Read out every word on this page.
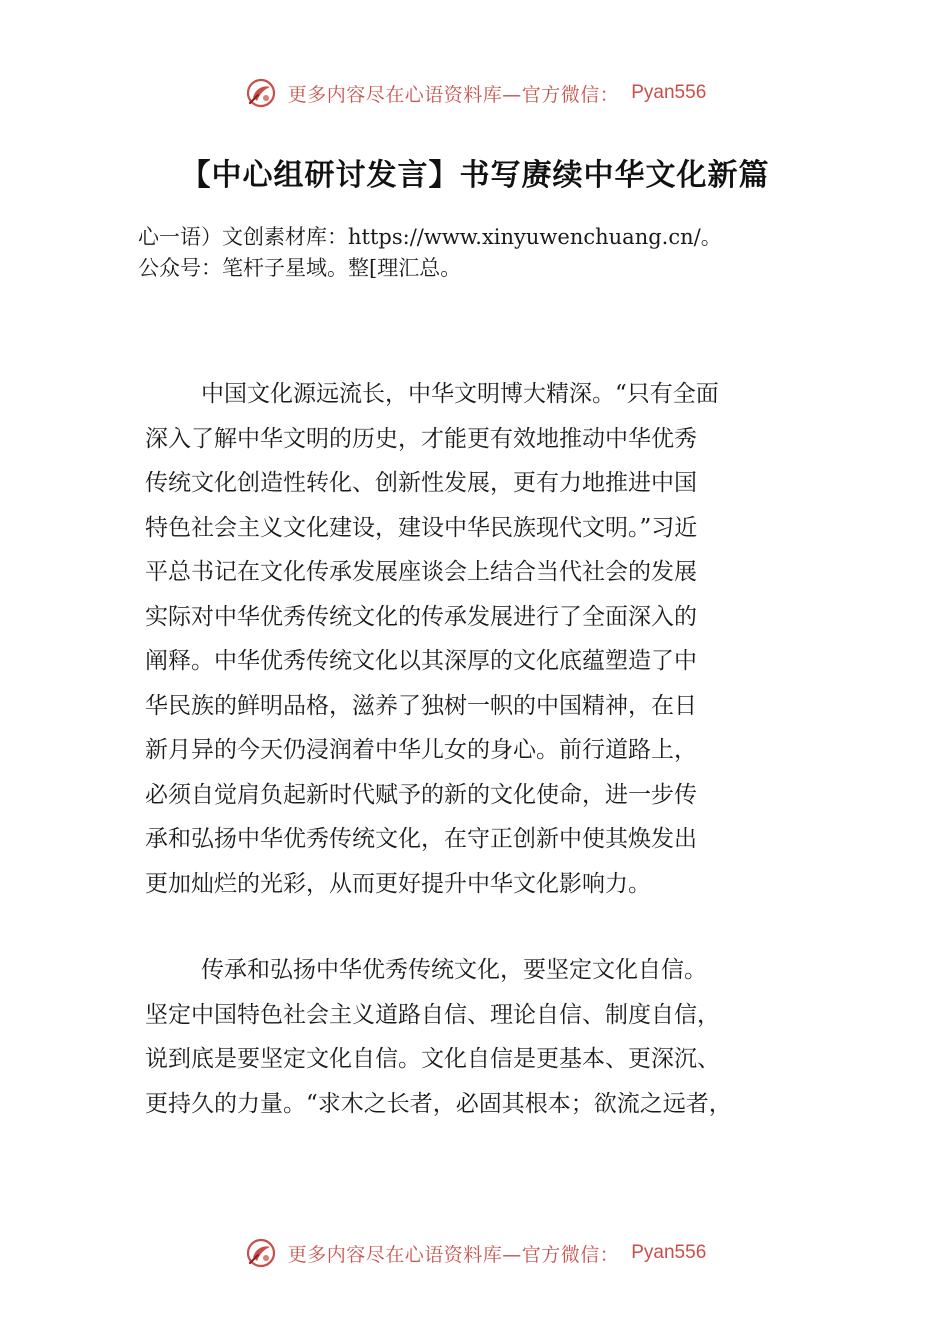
更多内容尽在心语资料库—官方微信： Pyan556
【中心组研讨发言】书写赓续中华文化新篇
心一语）文创素材库：https://www.xinyuwenchuang.cn/。
公众号：笔杆子星域。整[理汇总。
中国文化源远流长，中华文明博大精深。“只有全面
深入了解中华文明的历史，才能更有效地推动中华优秀
传统文化创造性转化、创新性发展，更有力地推进中国
特色社会主义文化建设，建设中华民族现代文明。”习近
平总书记在文化传承发展座谈会上结合当代社会的发展
实际对中华优秀传统文化的传承发展进行了全面深入的
阐释。中华优秀传统文化以其深厚的文化底蕴塑造了中
华民族的鲜明品格，滋养了独树一帜的中国精神，在日
新月异的今天仍浸润着中华儿女的身心。前行道路上，
必须自觉肩负起新时代赋予的新的文化使命，进一步传
承和弘扬中华优秀传统文化，在守正创新中使其焕发出
更加灿烂的光彩，从而更好提升中华文化影响力。
传承和弘扬中华优秀传统文化，要坚定文化自信。
坚定中国特色社会主义道路自信、理论自信、制度自信，
说到底是要坚定文化自信。文化自信是更基本、更深沉、
更持久的力量。“求木之长者，必固其根本；欲流之远者，
更多内容尽在心语资料库—官方微信： Pyan556
